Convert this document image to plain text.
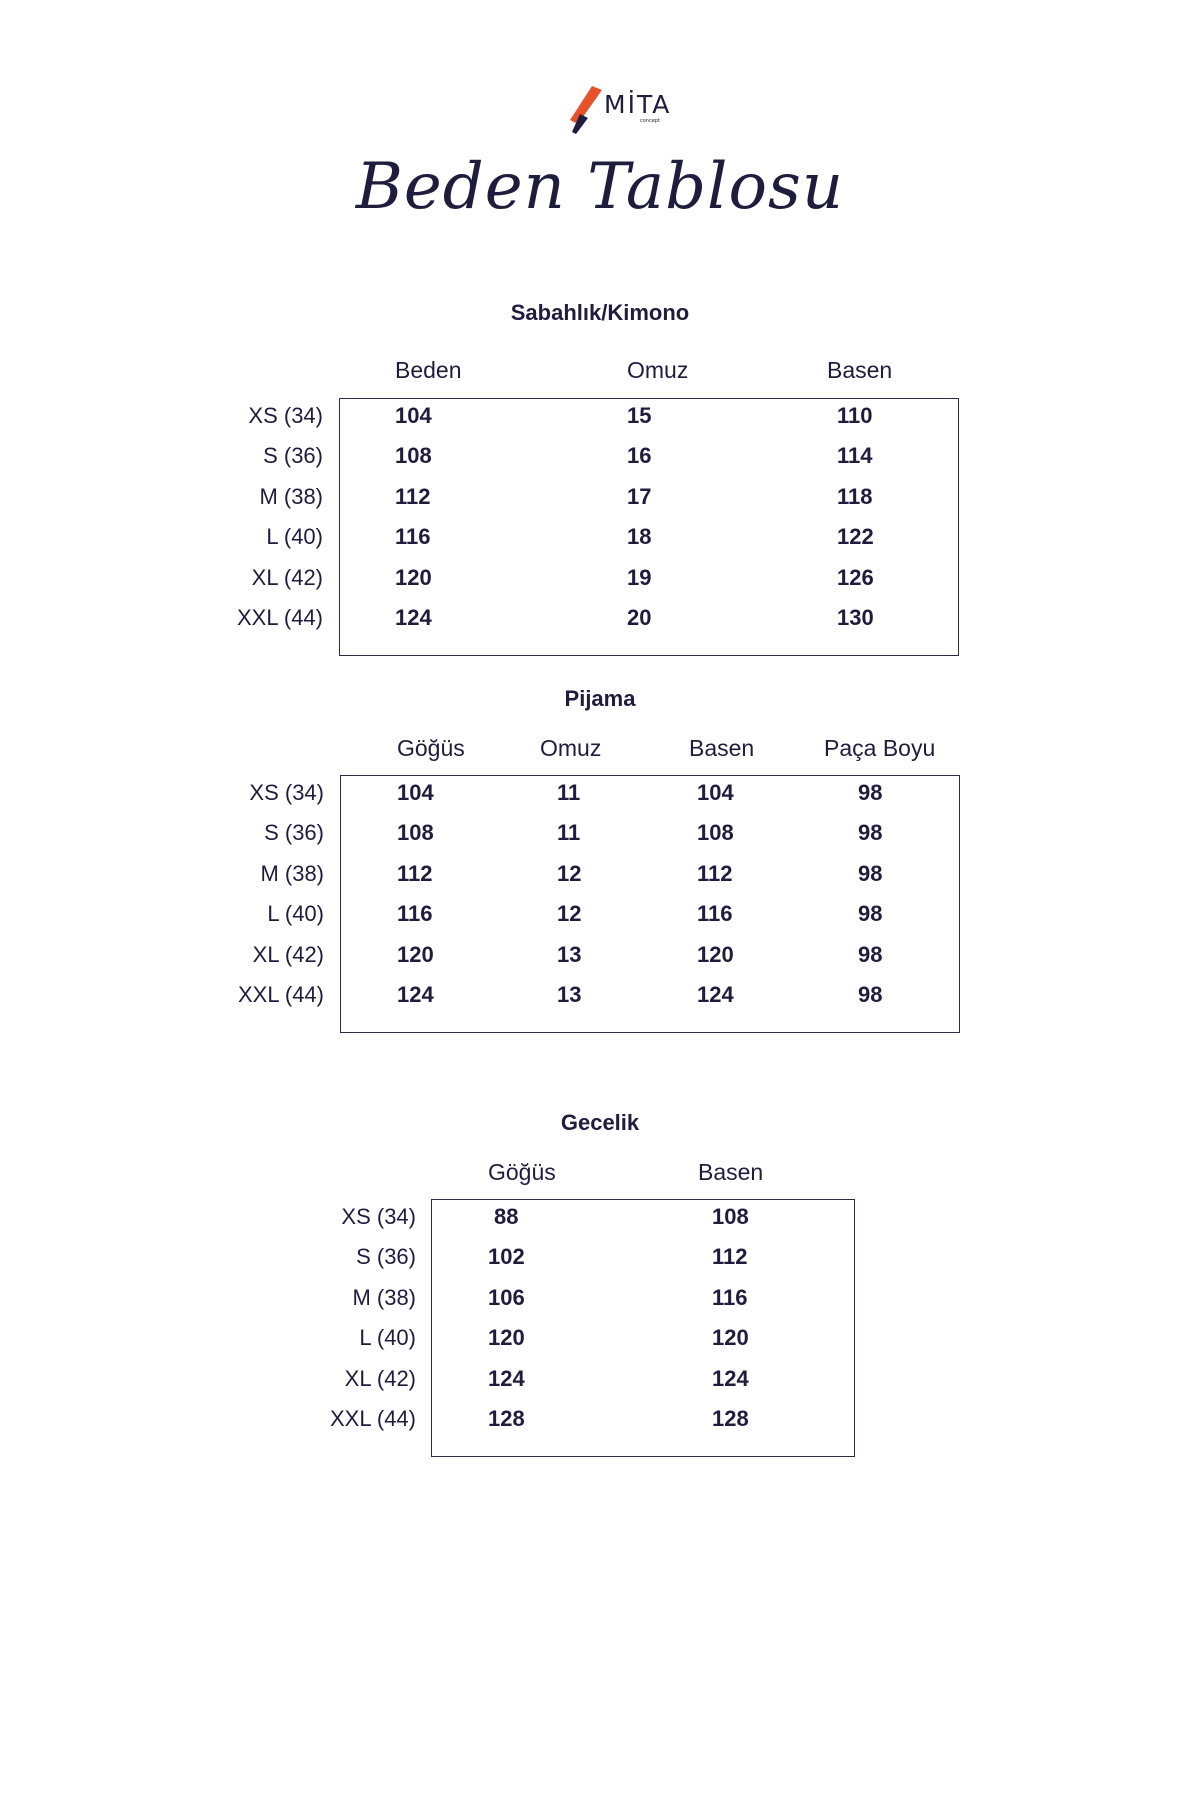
MİTA
concept
Beden Tablosu
Sabahlık/Kimono
Beden	Omuz	Basen
XS (34)	104	15	110
S (36)	108	16	114
M (38)	112	17	118
L (40)	116	18	122
XL (42)	120	19	126
XXL (44)	124	20	130
Pijama
Göğüs	Omuz	Basen	Paça Boyu
XS (34)	104	11	104	98
S (36)	108	11	108	98
M (38)	112	12	112	98
L (40)	116	12	116	98
XL (42)	120	13	120	98
XXL (44)	124	13	124	98
Gecelik
Göğüs	Basen
XS (34)	88	108
S (36)	102	112
M (38)	106	116
L (40)	120	120
XL (42)	124	124
XXL (44)	128	128
